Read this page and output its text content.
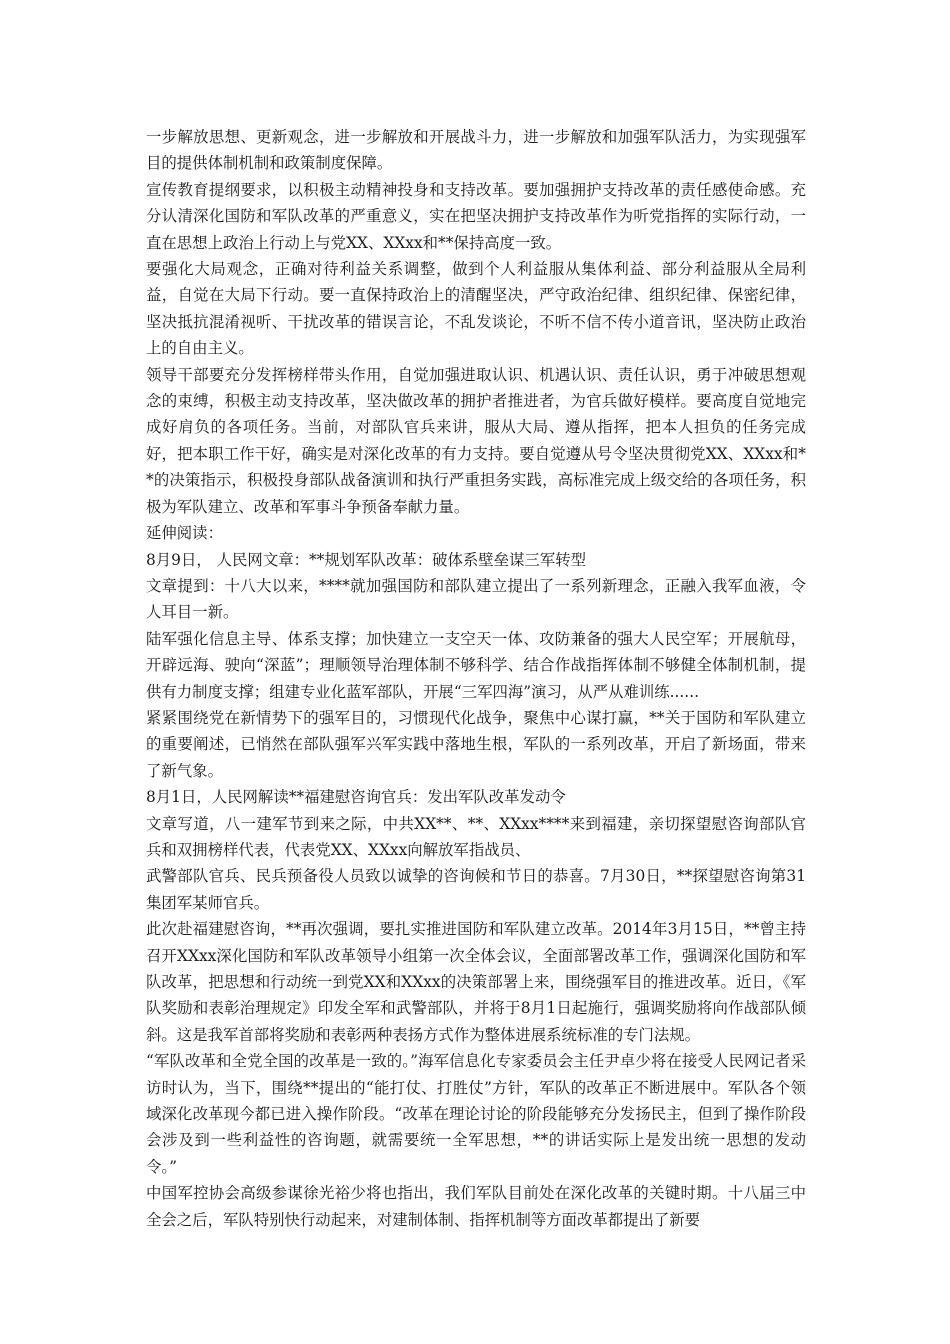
一步解放思想、更新观念，进一步解放和开展战斗力，进一步解放和加强军队活力，为实现强军目的提供体制机制和政策制度保障。

宣传教育提纲要求，以积极主动精神投身和支持改革。要加强拥护支持改革的责任感使命感。充分认清深化国防和军队改革的严重意义，实在把坚决拥护支持改革作为听党指挥的实际行动，一直在思想上政治上行动上与党XX、XXxx和**保持高度一致。

要强化大局观念，正确对待利益关系调整，做到个人利益服从集体利益、部分利益服从全局利益，自觉在大局下行动。要一直保持政治上的清醒坚决，严守政治纪律、组织纪律、保密纪律，坚决抵抗混淆视听、干扰改革的错误言论，不乱发谈论，不听不信不传小道音讯，坚决防止政治上的自由主义。

领导干部要充分发挥榜样带头作用，自觉加强进取认识、机遇认识、责任认识，勇于冲破思想观念的束缚，积极主动支持改革，坚决做改革的拥护者推进者，为官兵做好模样。要高度自觉地完成好肩负的各项任务。当前，对部队官兵来讲，服从大局、遵从指挥，把本人担负的任务完成好，把本职工作干好，确实是对深化改革的有力支持。要自觉遵从号令坚决贯彻党XX、XXxx和**的决策指示，积极投身部队战备演训和执行严重担务实践，高标准完成上级交给的各项任务，积极为军队建立、改革和军事斗争预备奉献力量。

延伸阅读：

8月9日， 人民网文章：**规划军队改革：破体系壁垒谋三军转型

文章提到：十八大以来，****就加强国防和部队建立提出了一系列新理念，正融入我军血液，令人耳目一新。

陆军强化信息主导、体系支撑；加快建立一支空天一体、攻防兼备的强大人民空军；开展航母，开辟远海、驶向“深蓝”；理顺领导治理体制不够科学、结合作战指挥体制不够健全体制机制，提供有力制度支撑；组建专业化蓝军部队，开展“三军四海”演习，从严从难训练......

紧紧围绕党在新情势下的强军目的，习惯现代化战争，聚焦中心谋打赢，**关于国防和军队建立的重要阐述，已悄然在部队强军兴军实践中落地生根，军队的一系列改革，开启了新场面，带来了新气象。

8月1日，人民网解读**福建慰咨询官兵：发出军队改革发动令

文章写道，八一建军节到来之际，中共XX**、**、XXxx****来到福建，亲切探望慰咨询部队官兵和双拥榜样代表，代表党XX、XXxx向解放军指战员、

武警部队官兵、民兵预备役人员致以诚挚的咨询候和节日的恭喜。7月30日，**探望慰咨询第31集团军某师官兵。

此次赴福建慰咨询，**再次强调，要扎实推进国防和军队建立改革。2014年3月15日，**曾主持召开XXxx深化国防和军队改革领导小组第一次全体会议，全面部署改革工作，强调深化国防和军队改革，把思想和行动统一到党XX和XXxx的决策部署上来，围绕强军目的推进改革。近日，《军队奖励和表彰治理规定》印发全军和武警部队，并将于8月1日起施行，强调奖励将向作战部队倾斜。这是我军首部将奖励和表彰两种表扬方式作为整体进展系统标准的专门法规。

“军队改革和全党全国的改革是一致的。”海军信息化专家委员会主任尹卓少将在接受人民网记者采访时认为，当下，围绕**提出的“能打仗、打胜仗”方针，军队的改革正不断进展中。军队各个领域深化改革现今都已进入操作阶段。“改革在理论讨论的阶段能够充分发扬民主，但到了操作阶段会涉及到一些利益性的咨询题，就需要统一全军思想，**的讲话实际上是发出统一思想的发动令。”

中国军控协会高级参谋徐光裕少将也指出，我们军队目前处在深化改革的关键时期。十八届三中全会之后，军队特别快行动起来，对建制体制、指挥机制等方面改革都提出了新要
